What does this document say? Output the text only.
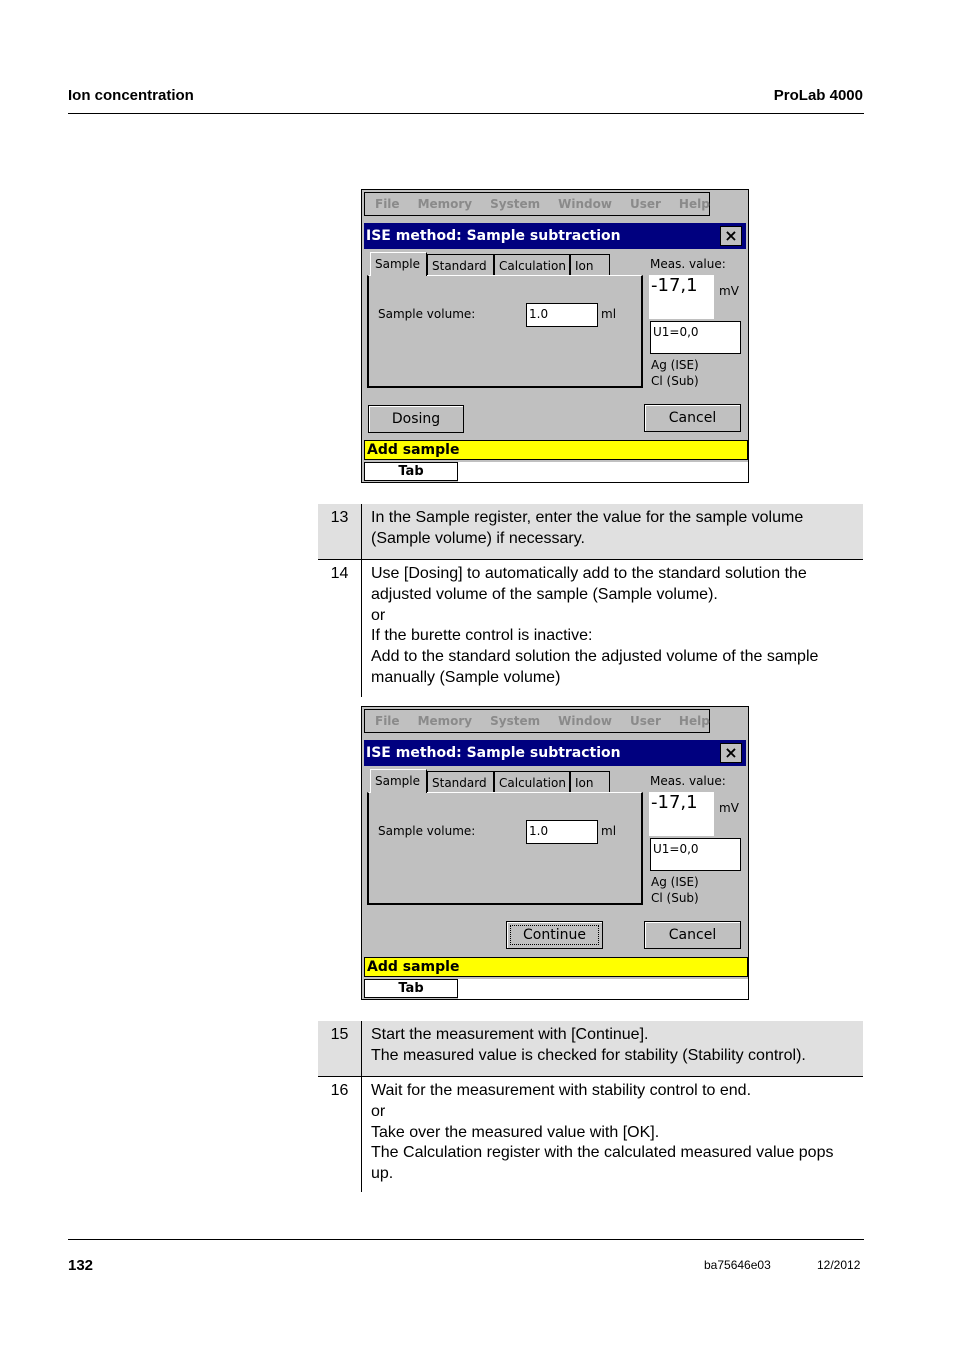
Ion concentration	ProLab 4000
File Memory System Window User Help
ISE method: Sample subtraction	×
Sample	Standard	Calculation Ion
Sample volume:	1.0	ml
Meas. value:
-17,1	mV
U1=0,0
Ag (ISE)
Cl (Sub)
Dosing	Cancel
Add sample
Tab
13	In the Sample register, enter the value for the sample volume (Sample volume) if necessary.
14	Use [Dosing] to automatically add to the standard solution the adjusted volume of the sample (Sample volume).
or
If the burette control is inactive:
Add to the standard solution the adjusted volume of the sample manually (Sample volume)
File Memory System Window User Help
ISE method: Sample subtraction	×
Sample	Standard	Calculation Ion
Sample volume:	1.0	ml
Meas. value:
-17,1	mV
U1=0,0
Ag (ISE)
Cl (Sub)
Continue	Cancel
Add sample
Tab
15	Start the measurement with [Continue].
The measured value is checked for stability (Stability control).
16	Wait for the measurement with stability control to end.
or
Take over the measured value with [OK].
The Calculation register with the calculated measured value pops up.
132	ba75646e03	12/2012
